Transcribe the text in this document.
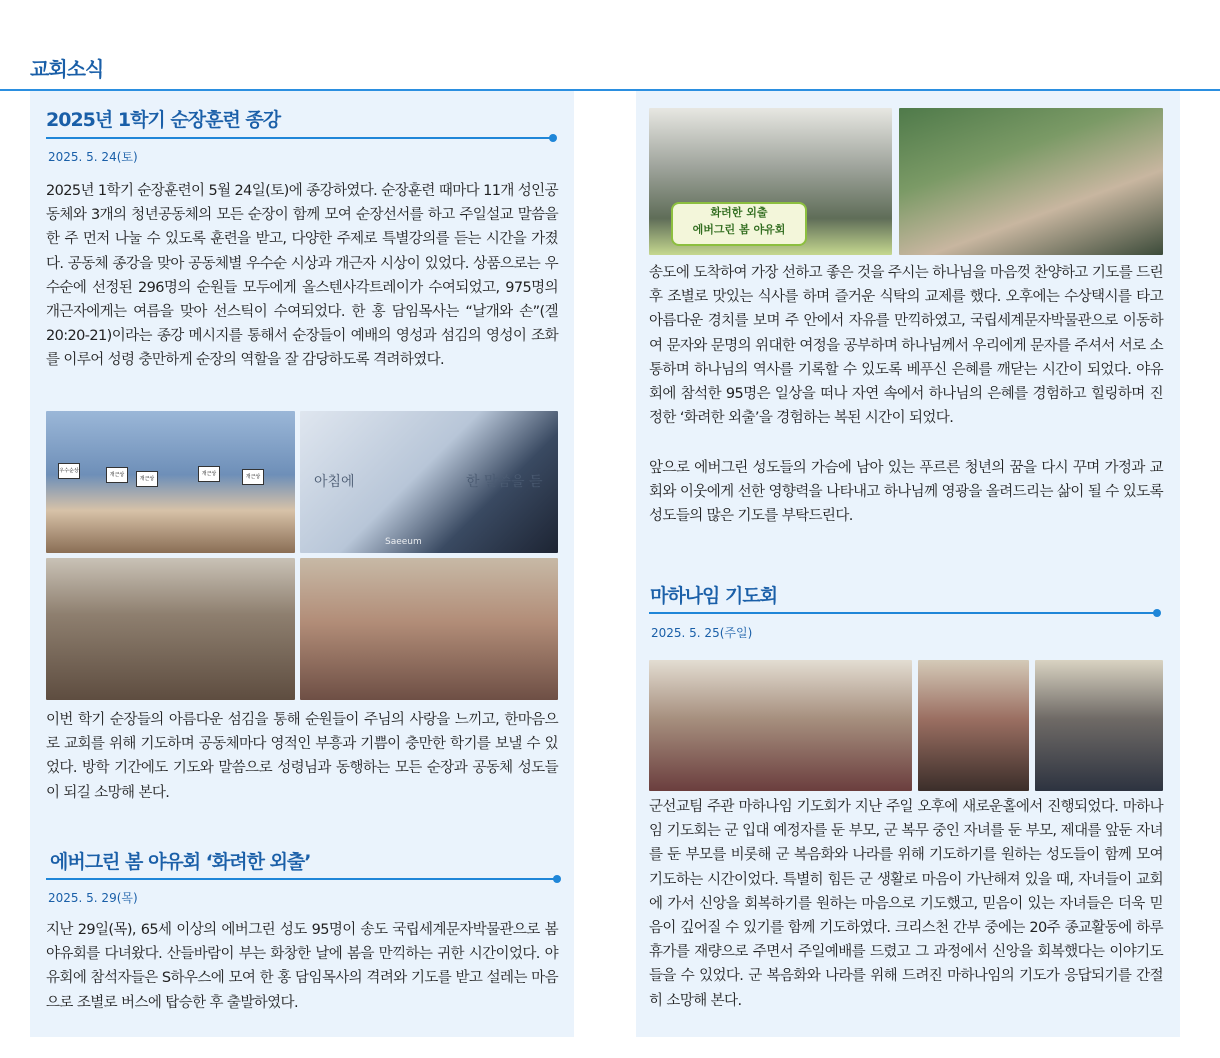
교회소식
2025년 1학기 순장훈련 종강
2025. 5. 24(토)

2025년 1학기 순장훈련이 5월 24일(토)에 종강하였다. 순장훈련 때마다 11개 성인공동체와 3개의 청년공동체의 모든 순장이 함께 모여 순장선서를 하고 주일설교 말씀을 한 주 먼저 나눌 수 있도록 훈련을 받고, 다양한 주제로 특별강의를 듣는 시간을 가졌다. 공동체 종강을 맞아 공동체별 우수순 시상과 개근자 시상이 있었다. 상품으로는 우수순에 선정된 296명의 순원들 모두에게 올스텐사각트레이가 수여되었고, 975명의 개근자에게는 여름을 맞아 선스틱이 수여되었다. 한 홍 담임목사는 “날개와 손”(겔 20:20-21)이라는 종강 메시지를 통해서 순장들이 예배의 영성과 섬김의 영성이 조화를 이루어 성령 충만하게 순장의 역할을 잘 감당하도록 격려하였다.

우수순상
개근상
개근상
개근상	개근상	아침에	한 말씀을 듣
Saeeum

이번 학기 순장들의 아름다운 섬김을 통해 순원들이 주님의 사랑을 느끼고, 한마음으로 교회를 위해 기도하며 공동체마다 영적인 부흥과 기쁨이 충만한 학기를 보낼 수 있었다. 방학 기간에도 기도와 말씀으로 성령님과 동행하는 모든 순장과 공동체 성도들이 되길 소망해 본다.

에버그린 봄 야유회 ‘화려한 외출’
2025. 5. 29(목)

지난 29일(목), 65세 이상의 에버그린 성도 95명이 송도 국립세계문자박물관으로 봄 야유회를 다녀왔다. 산들바람이 부는 화창한 날에 봄을 만끽하는 귀한 시간이었다. 야유회에 참석자들은 S하우스에 모여 한 홍 담임목사의 격려와 기도를 받고 설레는 마음으로 조별로 버스에 탑승한 후 출발하였다.

화려한 외출
에버그린 봄 야유회

송도에 도착하여 가장 선하고 좋은 것을 주시는 하나님을 마음껏 찬양하고 기도를 드린 후 조별로 맛있는 식사를 하며 즐거운 식탁의 교제를 했다. 오후에는 수상택시를 타고 아름다운 경치를 보며 주 안에서 자유를 만끽하였고, 국립세계문자박물관으로 이동하여 문자와 문명의 위대한 여정을 공부하며 하나님께서 우리에게 문자를 주셔서 서로 소통하며 하나님의 역사를 기록할 수 있도록 베푸신 은혜를 깨닫는 시간이 되었다. 야유회에 참석한 95명은 일상을 떠나 자연 속에서 하나님의 은혜를 경험하고 힐링하며 진정한 ‘화려한 외출’을 경험하는 복된 시간이 되었다.

앞으로 에버그린 성도들의 가슴에 남아 있는 푸르른 청년의 꿈을 다시 꾸며 가정과 교회와 이웃에게 선한 영향력을 나타내고 하나님께 영광을 올려드리는 삶이 될 수 있도록 성도들의 많은 기도를 부탁드린다.

마하나임 기도회
2025. 5. 25(주일)

군선교팀 주관 마하나임 기도회가 지난 주일 오후에 새로운홀에서 진행되었다. 마하나임 기도회는 군 입대 예정자를 둔 부모, 군 복무 중인 자녀를 둔 부모, 제대를 앞둔 자녀를 둔 부모를 비롯해 군 복음화와 나라를 위해 기도하기를 원하는 성도들이 함께 모여 기도하는 시간이었다. 특별히 힘든 군 생활로 마음이 가난해져 있을 때, 자녀들이 교회에 가서 신앙을 회복하기를 원하는 마음으로 기도했고, 믿음이 있는 자녀들은 더욱 믿음이 깊어질 수 있기를 함께 기도하였다. 크리스천 간부 중에는 20주 종교활동에 하루 휴가를 재량으로 주면서 주일예배를 드렸고 그 과정에서 신앙을 회복했다는 이야기도 들을 수 있었다. 군 복음화와 나라를 위해 드려진 마하나임의 기도가 응답되기를 간절히 소망해 본다.
